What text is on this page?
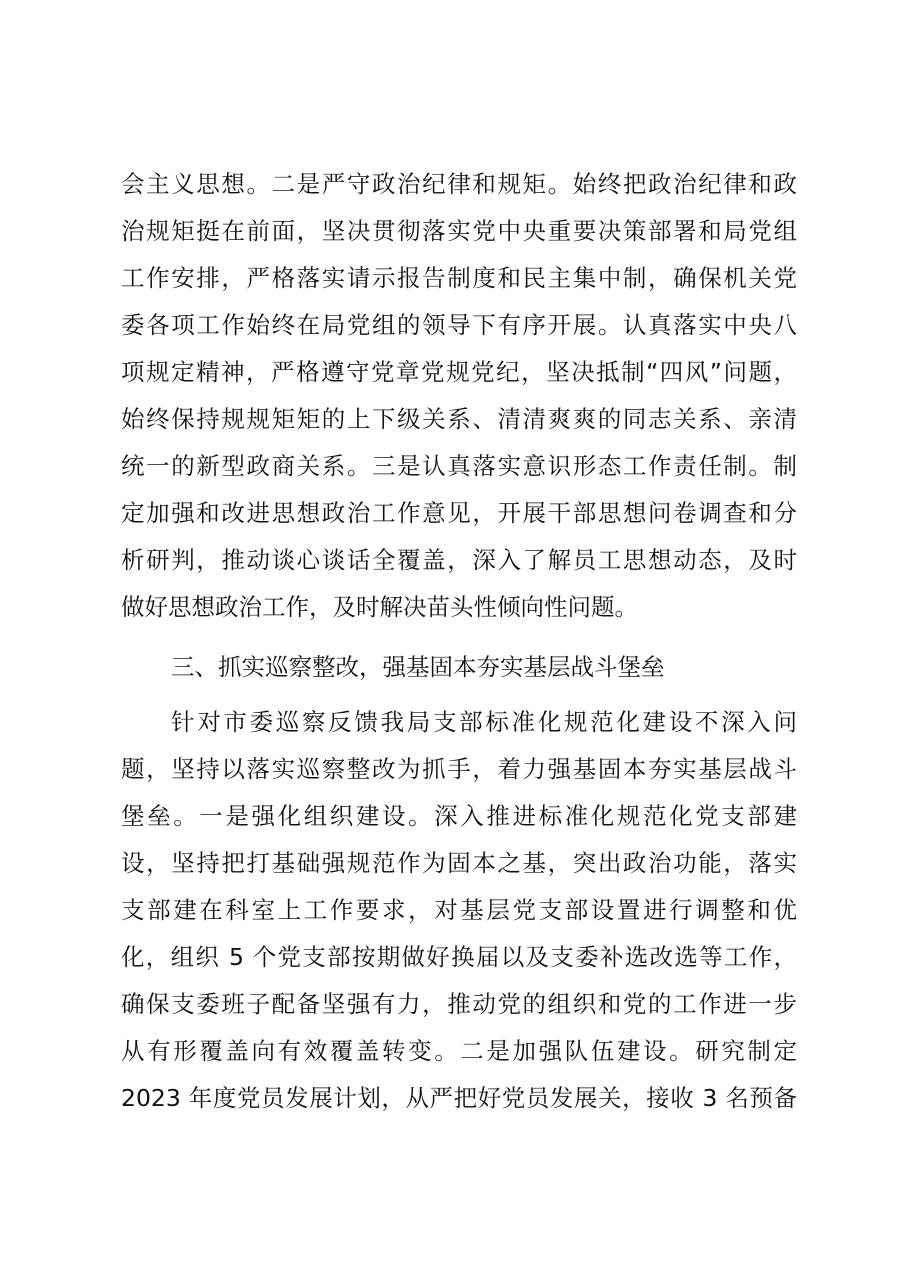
会主义思想。二是严守政治纪律和规矩。始终把政治纪律和政
治规矩挺在前面，坚决贯彻落实党中央重要决策部署和局党组
工作安排，严格落实请示报告制度和民主集中制，确保机关党
委各项工作始终在局党组的领导下有序开展。认真落实中央八
项规定精神，严格遵守党章党规党纪，坚决抵制“四风”问题，
始终保持规规矩矩的上下级关系、清清爽爽的同志关系、亲清
统一的新型政商关系。三是认真落实意识形态工作责任制。制
定加强和改进思想政治工作意见，开展干部思想问卷调查和分
析研判，推动谈心谈话全覆盖，深入了解员工思想动态，及时
做好思想政治工作，及时解决苗头性倾向性问题。
三、抓实巡察整改，强基固本夯实基层战斗堡垒
针对市委巡察反馈我局支部标准化规范化建设不深入问
题，坚持以落实巡察整改为抓手，着力强基固本夯实基层战斗
堡垒。一是强化组织建设。深入推进标准化规范化党支部建
设，坚持把打基础强规范作为固本之基，突出政治功能，落实
支部建在科室上工作要求，对基层党支部设置进行调整和优
化，组织 5 个党支部按期做好换届以及支委补选改选等工作，
确保支委班子配备坚强有力，推动党的组织和党的工作进一步
从有形覆盖向有效覆盖转变。二是加强队伍建设。研究制定
2023 年度党员发展计划，从严把好党员发展关，接收 3 名预备
